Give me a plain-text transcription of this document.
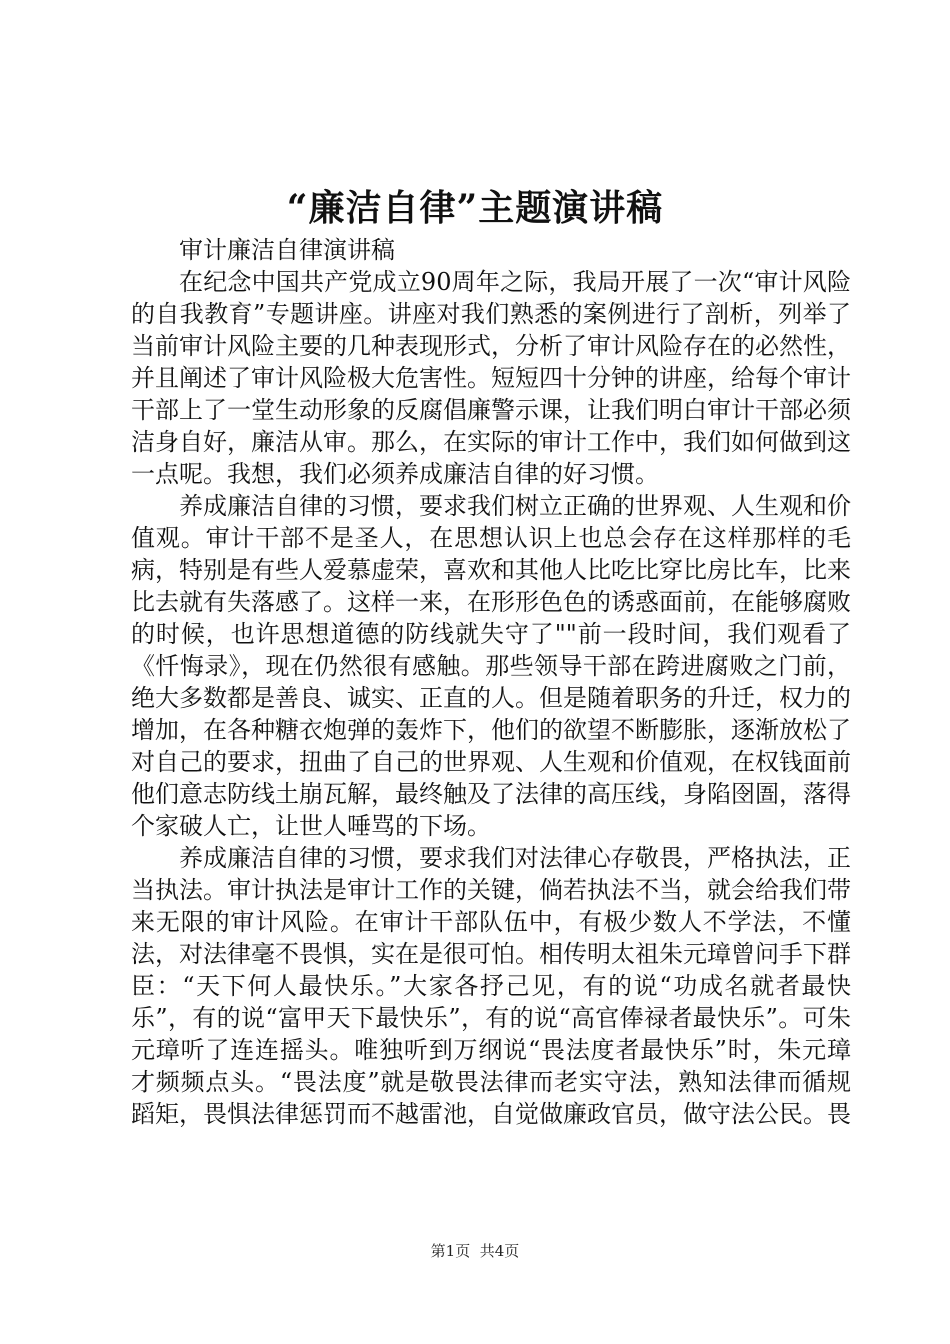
“廉洁自律”主题演讲稿

审计廉洁自律演讲稿

在纪念中国共产党成立90周年之际，我局开展了一次“审计风险的自我教育”专题讲座。讲座对我们熟悉的案例进行了剖析，列举了当前审计风险主要的几种表现形式，分析了审计风险存在的必然性，并且阐述了审计风险极大危害性。短短四十分钟的讲座，给每个审计干部上了一堂生动形象的反腐倡廉警示课，让我们明白审计干部必须洁身自好，廉洁从审。那么，在实际的审计工作中，我们如何做到这一点呢。我想，我们必须养成廉洁自律的好习惯。

养成廉洁自律的习惯，要求我们树立正确的世界观、人生观和价值观。审计干部不是圣人，在思想认识上也总会存在这样那样的毛病，特别是有些人爱慕虚荣，喜欢和其他人比吃比穿比房比车，比来比去就有失落感了。这样一来，在形形色色的诱惑面前，在能够腐败的时候，也许思想道德的防线就失守了""前一段时间，我们观看了《忏悔录》，现在仍然很有感触。那些领导干部在跨进腐败之门前，绝大多数都是善良、诚实、正直的人。但是随着职务的升迁，权力的增加，在各种糖衣炮弹的轰炸下，他们的欲望不断膨胀，逐渐放松了对自己的要求，扭曲了自己的世界观、人生观和价值观，在权钱面前他们意志防线土崩瓦解，最终触及了法律的高压线，身陷囹圄，落得个家破人亡，让世人唾骂的下场。

养成廉洁自律的习惯，要求我们对法律心存敬畏，严格执法，正当执法。审计执法是审计工作的关键，倘若执法不当，就会给我们带来无限的审计风险。在审计干部队伍中，有极少数人不学法，不懂法，对法律毫不畏惧，实在是很可怕。相传明太祖朱元璋曾问手下群臣：“天下何人最快乐。”大家各抒己见，有的说“功成名就者最快乐”，有的说“富甲天下最快乐”，有的说“高官俸禄者最快乐”。可朱元璋听了连连摇头。唯独听到万纲说“畏法度者最快乐”时，朱元璋才频频点头。“畏法度”就是敬畏法律而老实守法，熟知法律而循规蹈矩，畏惧法律惩罚而不越雷池，自觉做廉政官员，做守法公民。畏

第1页 共4页
